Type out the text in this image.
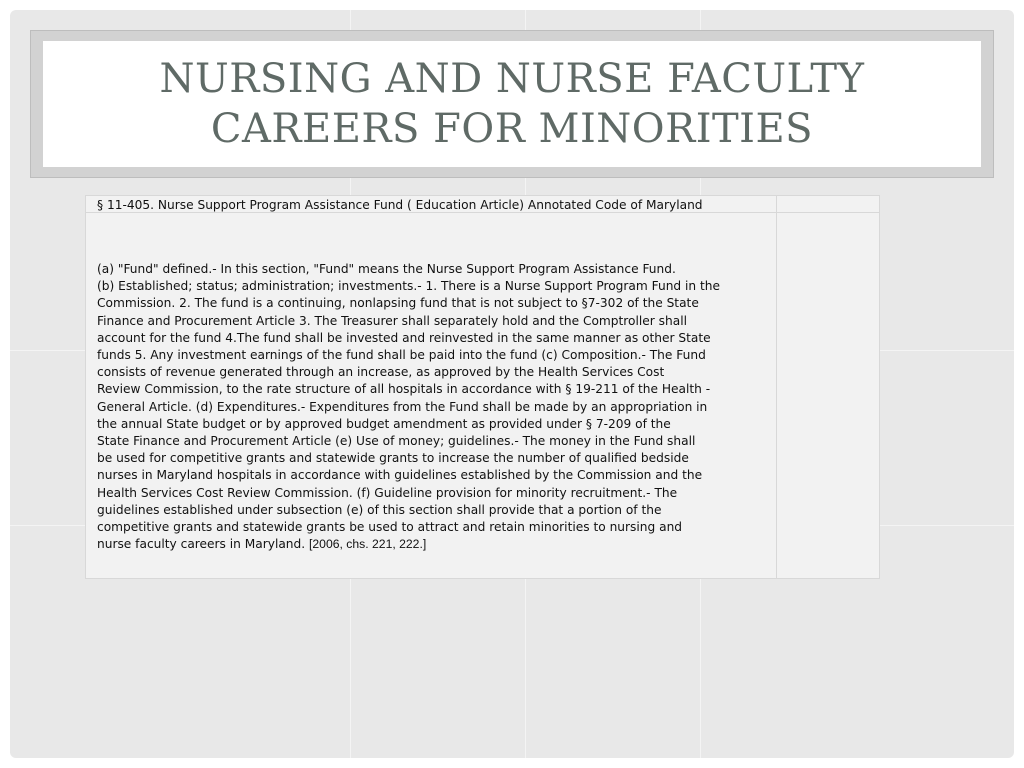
NURSING AND NURSE FACULTY
CAREERS FOR MINORITIES
§ 11-405. Nurse Support Program Assistance Fund ( Education Article) Annotated Code of Maryland
(a) "Fund" defined.- In this section, "Fund" means the Nurse Support Program Assistance Fund.
(b) Established; status; administration; investments.- 1. There is a Nurse Support Program Fund in the
Commission. 2. The fund is a continuing, nonlapsing fund that is not subject to §7-302 of the State
Finance and Procurement Article 3. The Treasurer shall separately hold and the Comptroller shall
account for the fund 4.The fund shall be invested and reinvested in the same manner as other State
funds 5. Any investment earnings of the fund shall be paid into the fund (c) Composition.- The Fund
consists of revenue generated through an increase, as approved by the Health Services Cost
Review Commission, to the rate structure of all hospitals in accordance with § 19-211 of the Health -
General Article. (d) Expenditures.- Expenditures from the Fund shall be made by an appropriation in
the annual State budget or by approved budget amendment as provided under § 7-209 of the
State Finance and Procurement Article (e) Use of money; guidelines.- The money in the Fund shall
be used for competitive grants and statewide grants to increase the number of qualified bedside
nurses in Maryland hospitals in accordance with guidelines established by the Commission and the
Health Services Cost Review Commission. (f) Guideline provision for minority recruitment.- The
guidelines established under subsection (e) of this section shall provide that a portion of the
competitive grants and statewide grants be used to attract and retain minorities to nursing and
nurse faculty careers in Maryland. [2006, chs. 221, 222.]
